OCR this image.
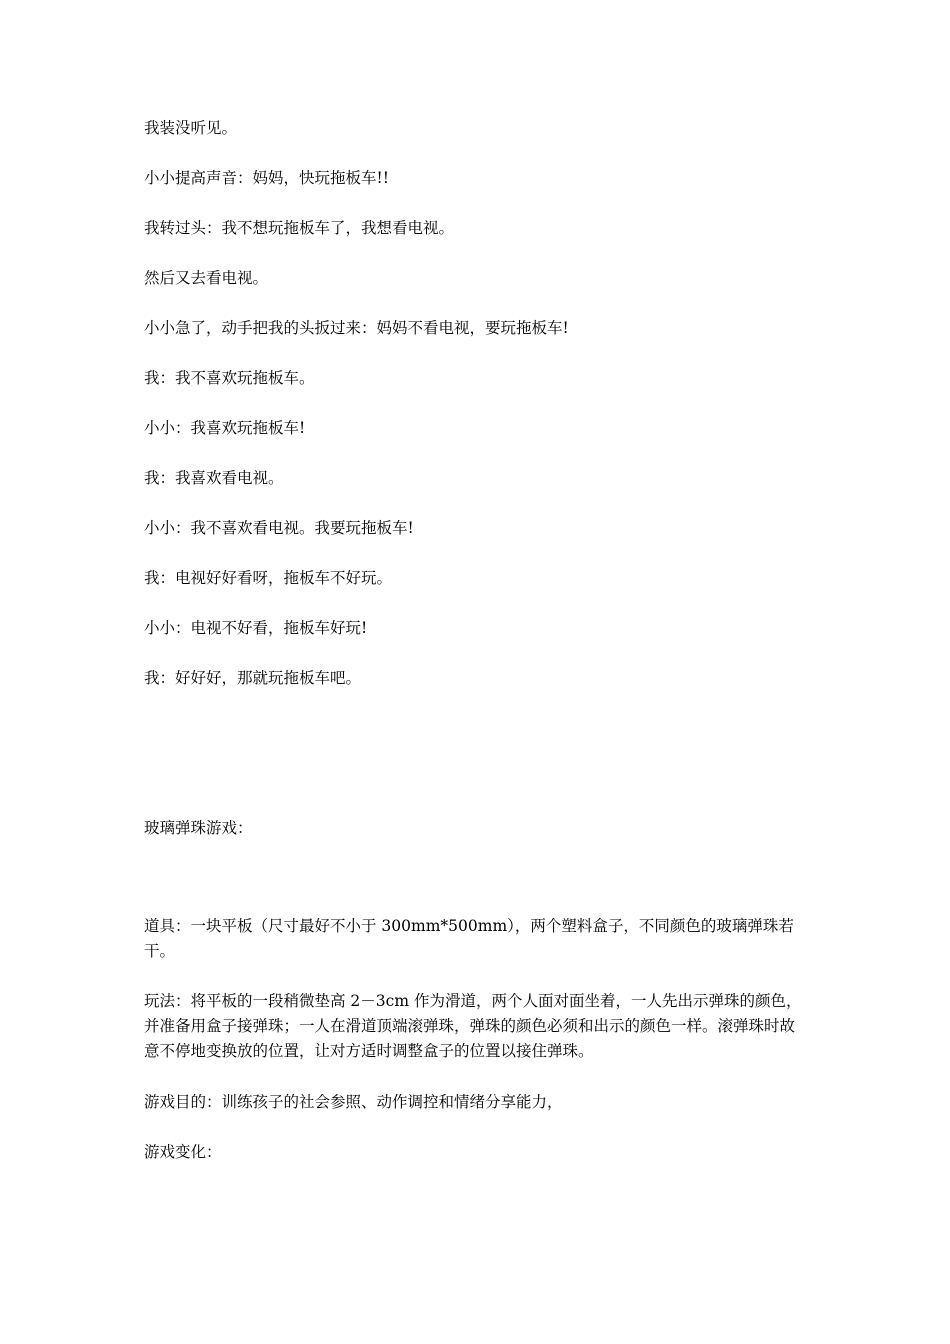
我装没听见。

小小提高声音：妈妈，快玩拖板车!!

我转过头：我不想玩拖板车了，我想看电视。

然后又去看电视。

小小急了，动手把我的头扳过来：妈妈不看电视，要玩拖板车!

我：我不喜欢玩拖板车。

小小：我喜欢玩拖板车!

我：我喜欢看电视。

小小：我不喜欢看电视。我要玩拖板车!

我：电视好好看呀，拖板车不好玩。

小小：电视不好看，拖板车好玩!

我：好好好，那就玩拖板车吧。

玻璃弹珠游戏：

道具：一块平板（尺寸最好不小于 300mm*500mm），两个塑料盒子，不同颜色的玻璃弹珠若干。

玩法：将平板的一段稍微垫高 2－3cm 作为滑道，两个人面对面坐着，一人先出示弹珠的颜色，并准备用盒子接弹珠；一人在滑道顶端滚弹珠，弹珠的颜色必须和出示的颜色一样。滚弹珠时故意不停地变换放的位置，让对方适时调整盒子的位置以接住弹珠。

游戏目的：训练孩子的社会参照、动作调控和情绪分享能力，

游戏变化：
